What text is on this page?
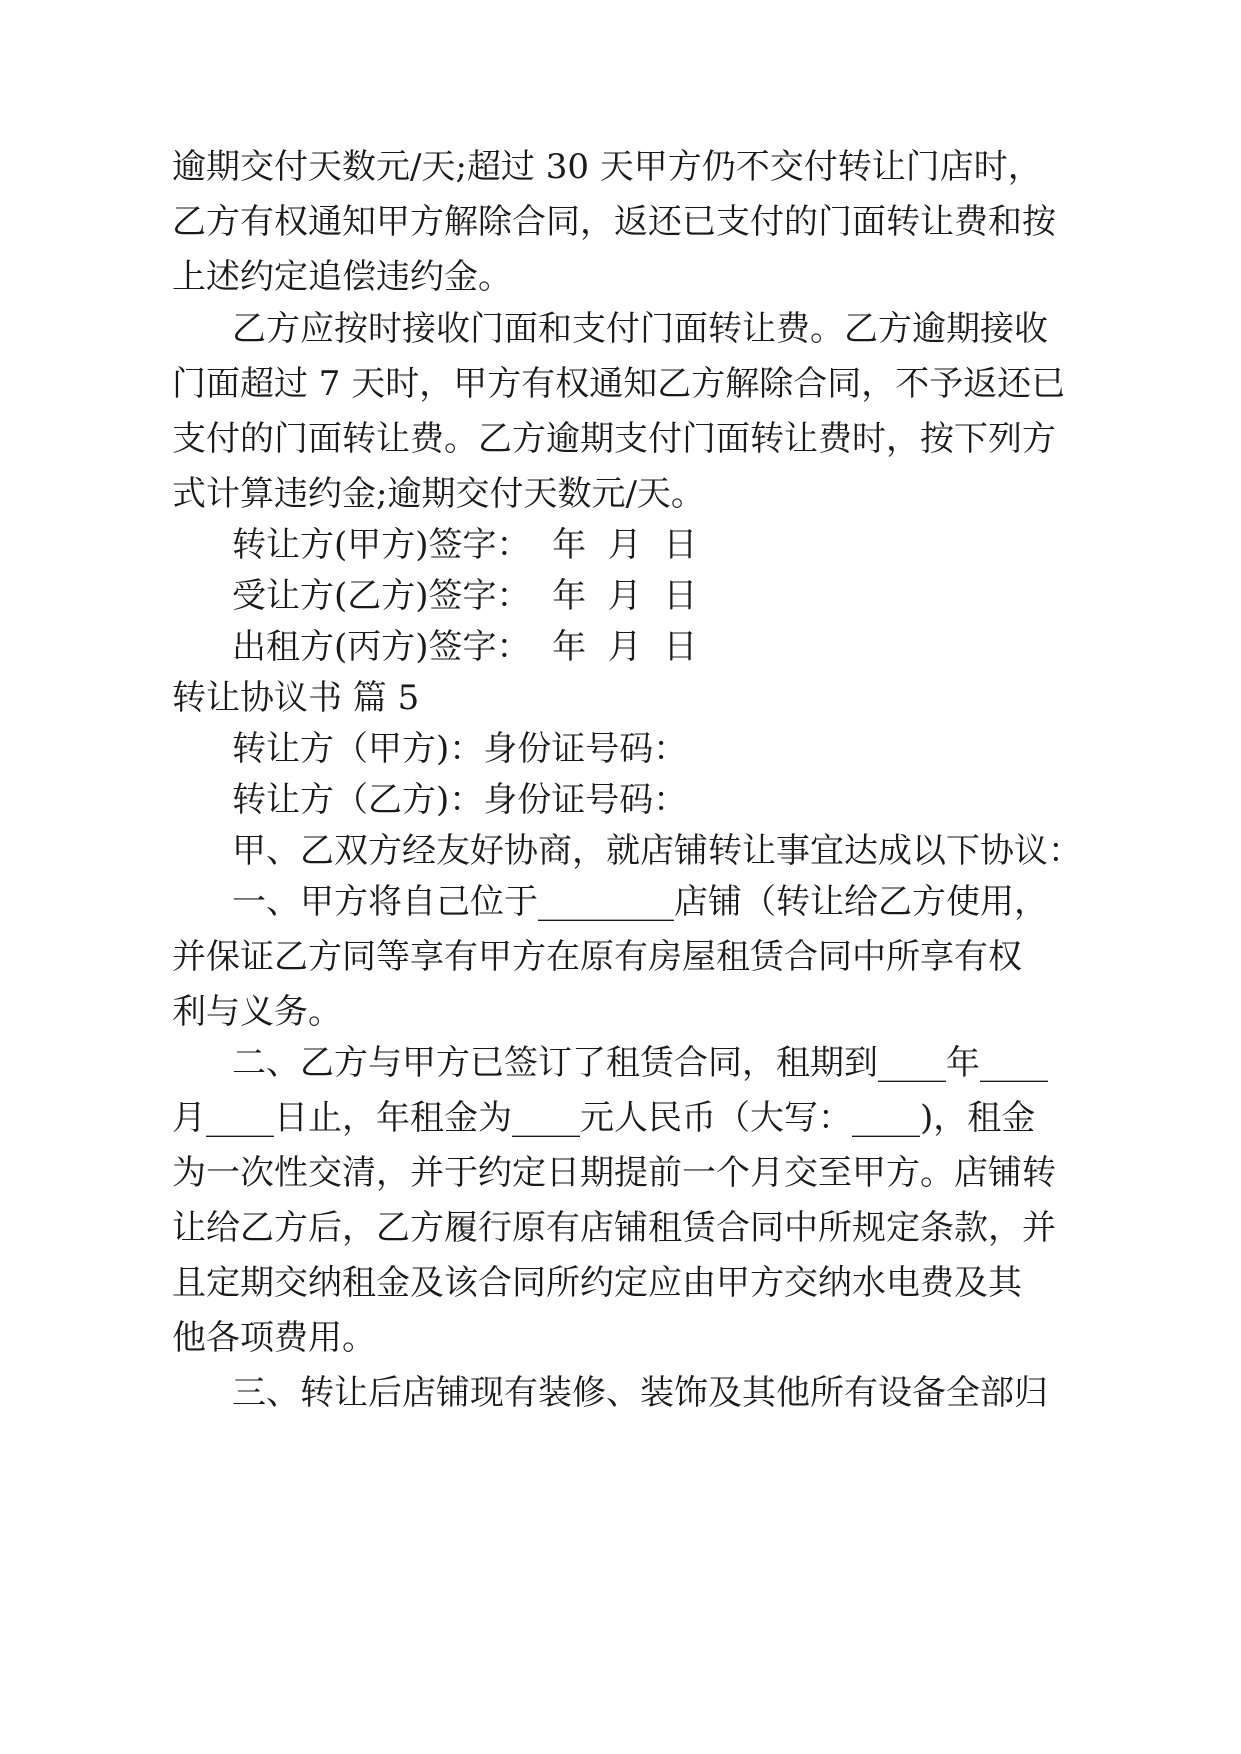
逾期交付天数元/天;超过 30 天甲方仍不交付转让门店时，
乙方有权通知甲方解除合同，返还已支付的门面转让费和按
上述约定追偿违约金。
乙方应按时接收门面和支付门面转让费。乙方逾期接收
门面超过 7 天时，甲方有权通知乙方解除合同，不予返还已
支付的门面转让费。乙方逾期支付门面转让费时，按下列方
式计算违约金;逾期交付天数元/天。
转让方(甲方)签字：  年  月  日
受让方(乙方)签字：  年  月  日
出租方(丙方)签字：  年  月  日
转让协议书 篇 5
转让方（甲方)：身份证号码：
转让方（乙方)：身份证号码：
甲、乙双方经友好协商，就店铺转让事宜达成以下协议：
一、甲方将自己位于________店铺（转让给乙方使用，
并保证乙方同等享有甲方在原有房屋租赁合同中所享有权
利与义务。
二、乙方与甲方已签订了租赁合同，租期到____年____
月____日止，年租金为____元人民币（大写：____)，租金
为一次性交清，并于约定日期提前一个月交至甲方。店铺转
让给乙方后，乙方履行原有店铺租赁合同中所规定条款，并
且定期交纳租金及该合同所约定应由甲方交纳水电费及其
他各项费用。
三、转让后店铺现有装修、装饰及其他所有设备全部归
